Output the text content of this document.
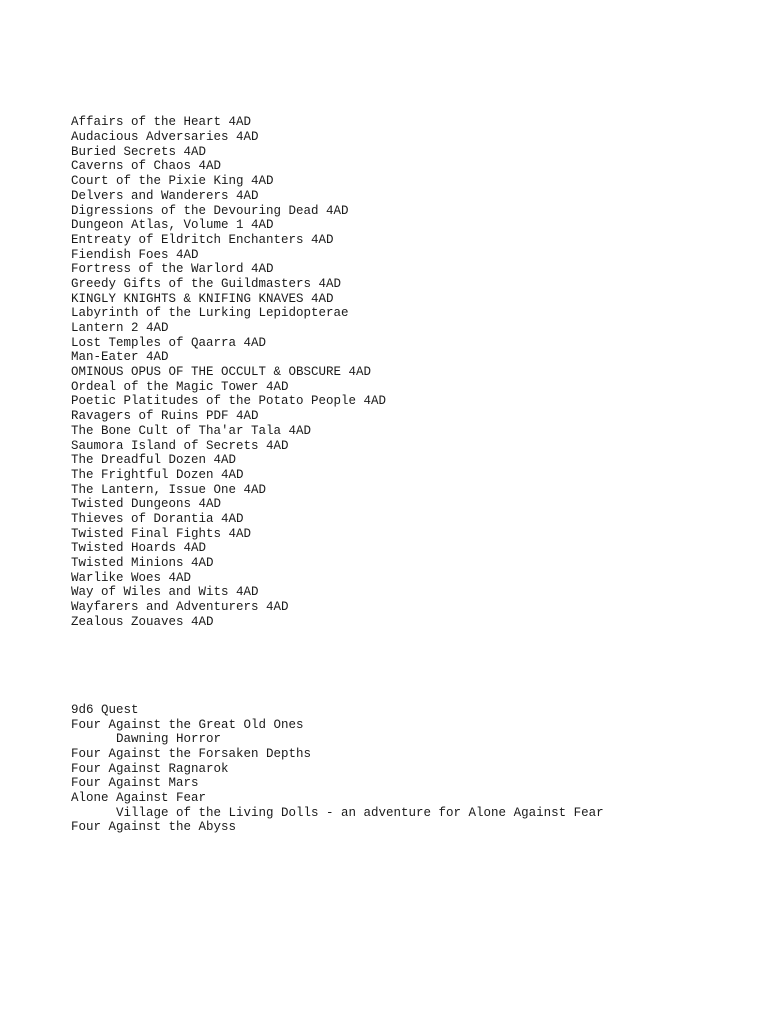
Affairs of the Heart 4AD
Audacious Adversaries 4AD
Buried Secrets 4AD
Caverns of Chaos 4AD
Court of the Pixie King 4AD
Delvers and Wanderers 4AD
Digressions of the Devouring Dead 4AD
Dungeon Atlas, Volume 1 4AD
Entreaty of Eldritch Enchanters 4AD
Fiendish Foes 4AD
Fortress of the Warlord 4AD
Greedy Gifts of the Guildmasters 4AD
KINGLY KNIGHTS & KNIFING KNAVES 4AD
Labyrinth of the Lurking Lepidopterae
Lantern 2 4AD
Lost Temples of Qaarra 4AD
Man-Eater 4AD
OMINOUS OPUS OF THE OCCULT & OBSCURE 4AD
Ordeal of the Magic Tower 4AD
Poetic Platitudes of the Potato People 4AD
Ravagers of Ruins PDF 4AD
The Bone Cult of Tha'ar Tala 4AD
Saumora Island of Secrets 4AD
The Dreadful Dozen 4AD
The Frightful Dozen 4AD
The Lantern, Issue One 4AD
Twisted Dungeons 4AD
Thieves of Dorantia 4AD
Twisted Final Fights 4AD
Twisted Hoards 4AD
Twisted Minions 4AD
Warlike Woes 4AD
Way of Wiles and Wits 4AD
Wayfarers and Adventurers 4AD
Zealous Zouaves 4AD

9d6 Quest
Four Against the Great Old Ones
Dawning Horror
Four Against the Forsaken Depths
Four Against Ragnarok
Four Against Mars
Alone Against Fear
Village of the Living Dolls - an adventure for Alone Against Fear
Four Against the Abyss
